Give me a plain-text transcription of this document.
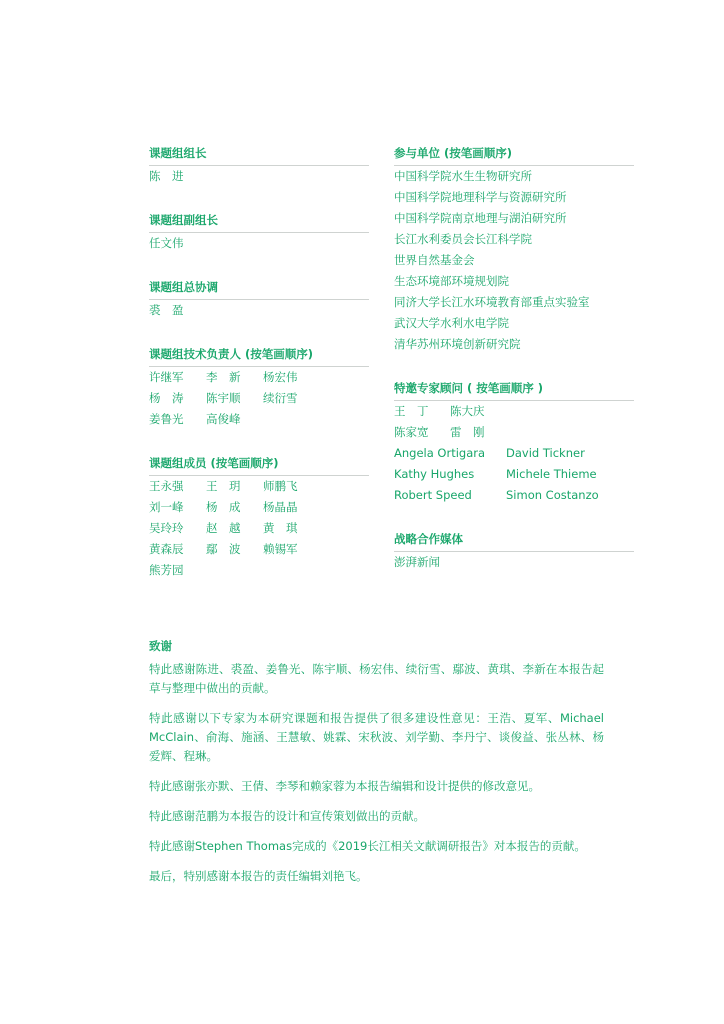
课题组组长
陈　进
课题组副组长
任文伟
课题组总协调
裘　盈
课题组技术负责人 (按笔画顺序)
许继军	李　新	杨宏伟
杨　涛	陈宇顺	续衍雪
姜鲁光	高俊峰
课题组成员 (按笔画顺序)
王永强	王　玥	师鹏飞
刘一峰	杨　成	杨晶晶
吴玲玲	赵　越	黄　琪
黄森辰	鄢　波	赖锡军
熊芳园
参与单位 (按笔画顺序)
中国科学院水生生物研究所
中国科学院地理科学与资源研究所
中国科学院南京地理与湖泊研究所
长江水利委员会长江科学院
世界自然基金会
生态环境部环境规划院
同济大学长江水环境教育部重点实验室
武汉大学水利水电学院
清华苏州环境创新研究院
特邀专家顾问 ( 按笔画顺序 )
王　丁	陈大庆
陈家宽	雷　刚
Angela Ortigara	David Tickner
Kathy Hughes	Michele Thieme
Robert Speed	Simon Costanzo
战略合作媒体
澎湃新闻
致谢

特此感谢陈进、裘盈、姜鲁光、陈宇顺、杨宏伟、续衍雪、鄢波、黄琪、李新在本报告起草与整理中做出的贡献。

特此感谢以下专家为本研究课题和报告提供了很多建设性意见：王浩、夏军、Michael McClain、俞海、施涵、王慧敏、姚霖、宋秋波、刘学勤、李丹宁、谈俊益、张丛林、杨爱辉、程琳。

特此感谢张亦默、王倩、李琴和赖家蓉为本报告编辑和设计提供的修改意见。

特此感谢范鹏为本报告的设计和宣传策划做出的贡献。

特此感谢Stephen Thomas完成的《2019长江相关文献调研报告》对本报告的贡献。

最后，特别感谢本报告的责任编辑刘艳飞。
